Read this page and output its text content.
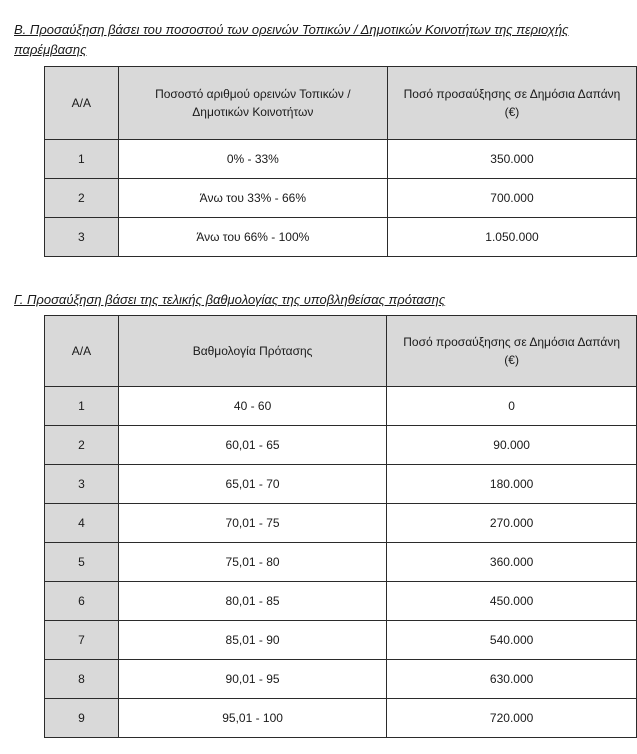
Β. Προσαύξηση βάσει του ποσοστού των ορεινών Τοπικών / Δημοτικών Κοινοτήτων της περιοχής παρέμβασης
Α/Α	Ποσοστό αριθμού ορεινών Τοπικών / Δημοτικών Κοινοτήτων	Ποσό προσαύξησης σε Δημόσια Δαπάνη (€)
1	0% - 33%	350.000
2	Άνω του 33% - 66%	700.000
3	Άνω του 66% - 100%	1.050.000
Γ. Προσαύξηση βάσει της τελικής βαθμολογίας της υποβληθείσας πρότασης
Α/Α	Βαθμολογία Πρότασης	Ποσό προσαύξησης σε Δημόσια Δαπάνη (€)
1	40 - 60	0
2	60,01 - 65	90.000
3	65,01 - 70	180.000
4	70,01 - 75	270.000
5	75,01 - 80	360.000
6	80,01 - 85	450.000
7	85,01 - 90	540.000
8	90,01 - 95	630.000
9	95,01 - 100	720.000
